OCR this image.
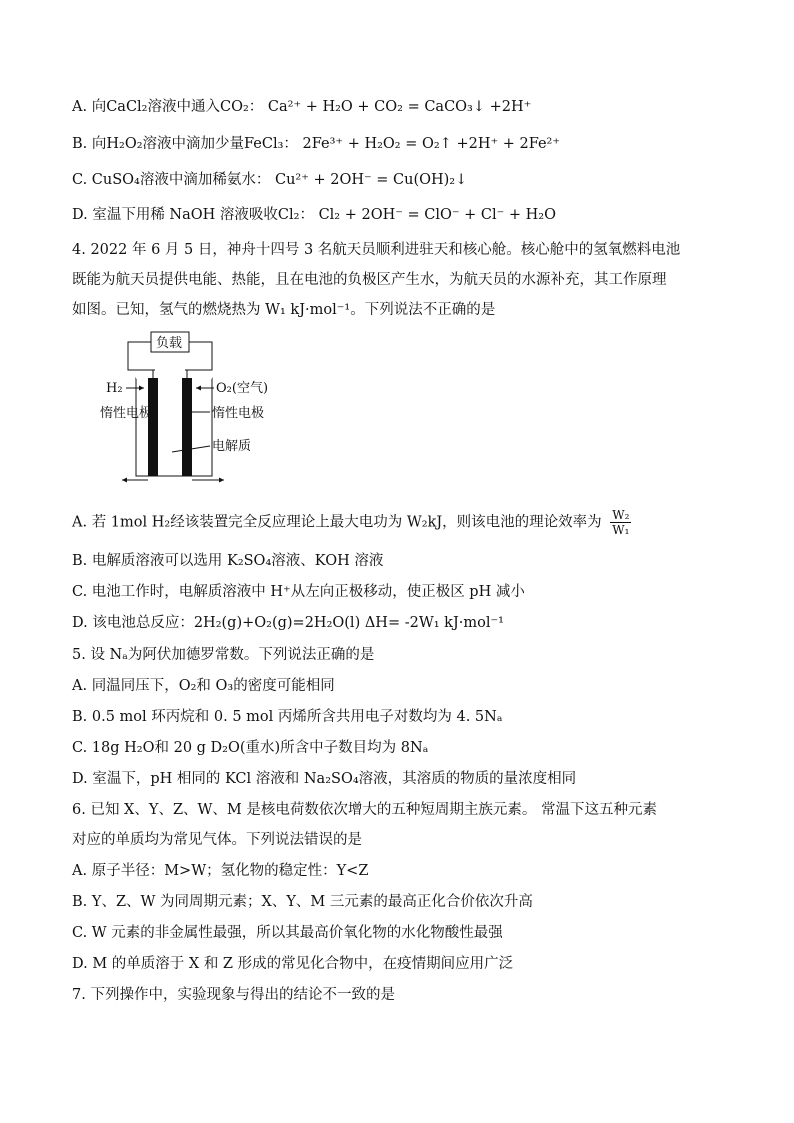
A. 向CaCl₂溶液中通入CO₂： Ca²⁺ + H₂O + CO₂ = CaCO₃↓ +2H⁺
B. 向H₂O₂溶液中滴加少量FeCl₃： 2Fe³⁺ + H₂O₂ = O₂↑ +2H⁺ + 2Fe²⁺
C. CuSO₄溶液中滴加稀氨水： Cu²⁺ + 2OH⁻ = Cu(OH)₂↓
D. 室温下用稀 NaOH 溶液吸收Cl₂： Cl₂ + 2OH⁻ = ClO⁻ + Cl⁻ + H₂O
4. 2022 年 6 月 5 日，神舟十四号 3 名航天员顺利进驻天和核心舱。核心舱中的氢氧燃料电池
既能为航天员提供电能、热能，且在电池的负极区产生水，为航天员的水源补充，其工作原理
如图。已知，氢气的燃烧热为 W₁ kJ·mol⁻¹。下列说法不正确的是
负载
H₂	O₂(空气)
惰性电极	惰性电极
电解质
A. 若 1mol H₂经该装置完全反应理论上最大电功为 W₂kJ，则该电池的理论效率为 $\frac{\text{W₂}}{\text{W₁}}$
B. 电解质溶液可以选用 K₂SO₄溶液、KOH 溶液
C. 电池工作时，电解质溶液中 H⁺从左向正极移动，使正极区 pH 减小
D. 该电池总反应：2H₂(g)+O₂(g)=2H₂O(l) ΔH= -2W₁ kJ·mol⁻¹
5. 设 Nₐ为阿伏加德罗常数。下列说法正确的是
A. 同温同压下，O₂和 O₃的密度可能相同
B. 0.5 mol 环丙烷和 0. 5 mol 丙烯所含共用电子对数均为 4. 5Nₐ
C. 18g H₂O和 20 g D₂O(重水)所含中子数目均为 8Nₐ
D. 室温下，pH 相同的 KCl 溶液和 Na₂SO₄溶液，其溶质的物质的量浓度相同
6. 已知 X、Y、Z、W、M 是核电荷数依次增大的五种短周期主族元素。 常温下这五种元素
对应的单质均为常见气体。下列说法错误的是
A. 原子半径：M>W；氢化物的稳定性：Y<Z
B. Y、Z、W 为同周期元素；X、Y、M 三元素的最高正化合价依次升高
C. W 元素的非金属性最强，所以其最高价氧化物的水化物酸性最强
D. M 的单质溶于 X 和 Z 形成的常见化合物中，在疫情期间应用广泛
7. 下列操作中，实验现象与得出的结论不一致的是
